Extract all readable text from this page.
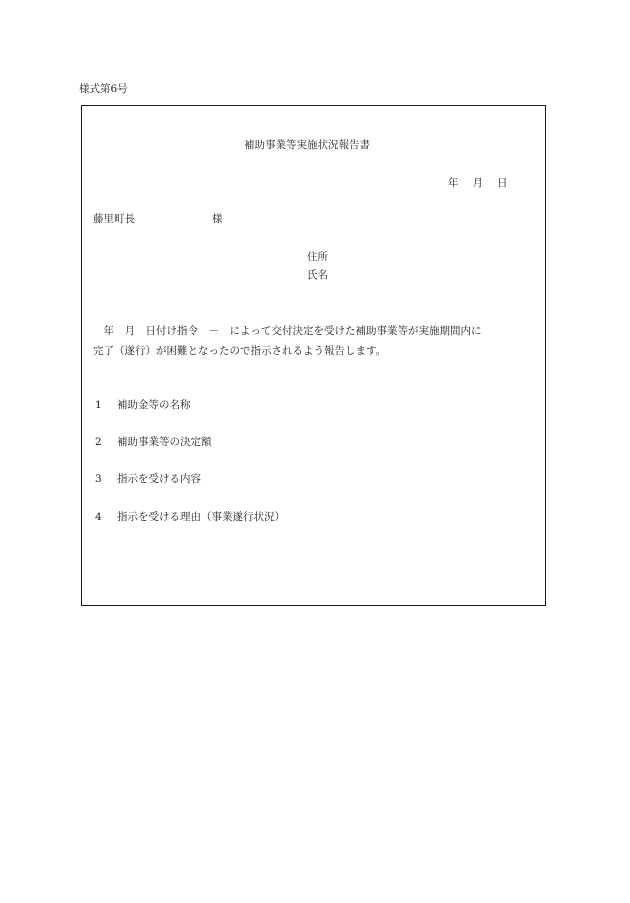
様式第6号
補助事業等実施状況報告書
年 月 日
藤里町長	様
住所
氏名
　年　月　日付け指令　－　によって交付決定を受けた補助事業等が実施期間内に
完了（遂行）が困難となったので指示されるよう報告します。
1 補助金等の名称
2 補助事業等の決定額
3 指示を受ける内容
4 指示を受ける理由（事業遂行状況）
